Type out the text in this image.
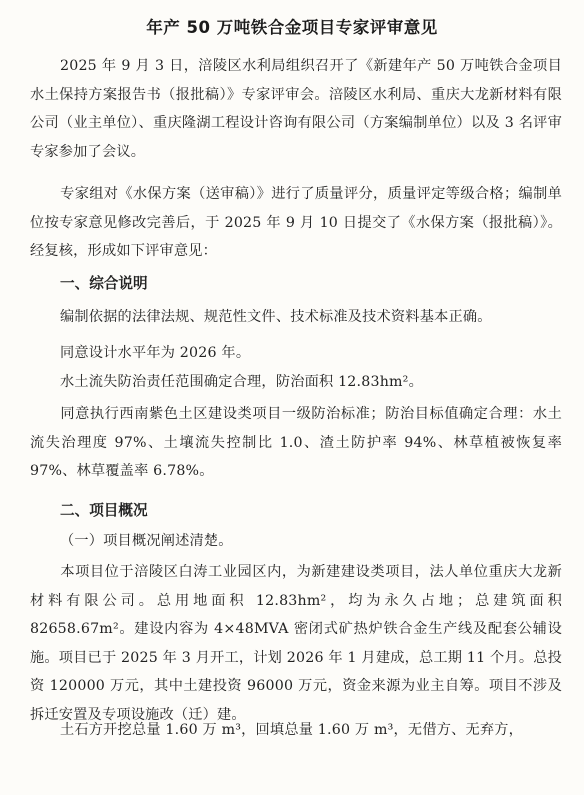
年产 50 万吨铁合金项目专家评审意见
2025 年 9 月 3 日，涪陵区水利局组织召开了《新建年产 50 万吨铁合金项目水土保持方案报告书（报批稿）》专家评审会。涪陵区水利局、重庆大龙新材料有限公司（业主单位）、重庆隆湖工程设计咨询有限公司（方案编制单位）以及 3 名评审专家参加了会议。
专家组对《水保方案（送审稿）》进行了质量评分，质量评定等级合格；编制单位按专家意见修改完善后，于 2025 年 9 月 10 日提交了《水保方案（报批稿）》。经复核，形成如下评审意见：
一、综合说明
编制依据的法律法规、规范性文件、技术标准及技术资料基本正确。
同意设计水平年为 2026 年。
水土流失防治责任范围确定合理，防治面积 12.83hm²。
同意执行西南紫色土区建设类项目一级防治标准；防治目标值确定合理：水土流失治理度 97%、土壤流失控制比 1.0、渣土防护率 94%、林草植被恢复率 97%、林草覆盖率 6.78%。
二、项目概况
（一）项目概况阐述清楚。
本项目位于涪陵区白涛工业园区内，为新建建设类项目，法人单位重庆大龙新材料有限公司。总用地面积 12.83hm²，均为永久占地；总建筑面积 82658.67m²。建设内容为 4×48MVA 密闭式矿热炉铁合金生产线及配套公辅设施。项目已于 2025 年 3 月开工，计划 2026 年 1 月建成，总工期 11 个月。总投资 120000 万元，其中土建投资 96000 万元，资金来源为业主自筹。项目不涉及拆迁安置及专项设施改（迁）建。
土石方开挖总量 1.60 万 m³，回填总量 1.60 万 m³，无借方、无弃方，
